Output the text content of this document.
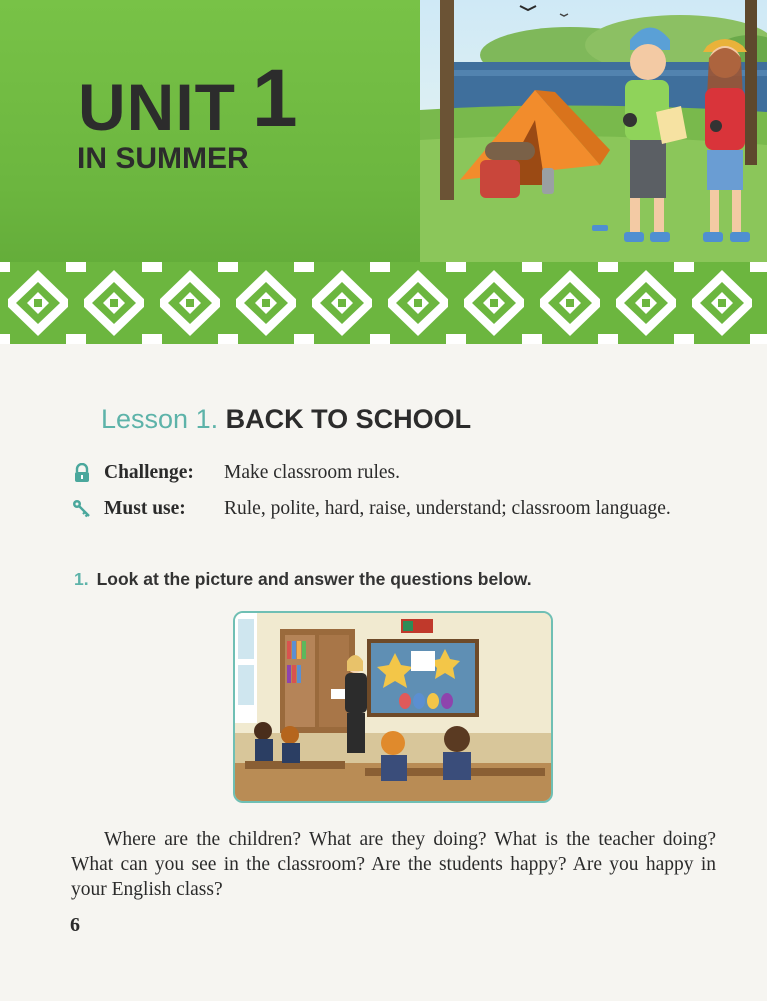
UNIT 1
IN SUMMER
Lesson 1. BACK TO SCHOOL
Challenge: Make classroom rules.
Must use: Rule, polite, hard, raise, understand; classroom language.
1. Look at the picture and answer the questions below.
Where are the children? What are they doing? What is the teacher doing? What can you see in the classroom? Are the students happy? Are you happy in your English class?
6
